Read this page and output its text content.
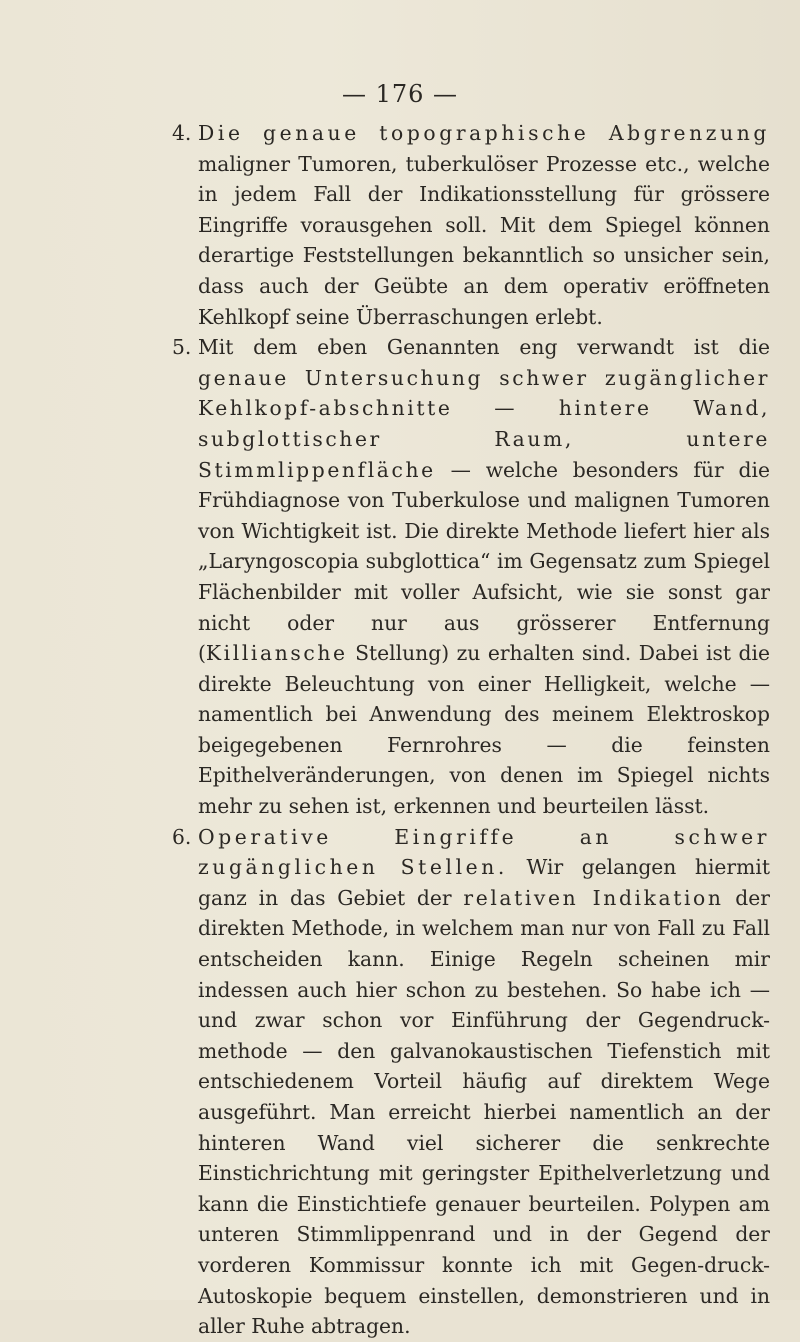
— 176 —
4. Die genaue topographische Abgrenzung maligner Tumoren, tuberkulöser Prozesse etc., welche in jedem Fall der Indikationsstellung für grössere Eingriffe vorausgehen soll. Mit dem Spiegel können derartige Feststellungen bekanntlich so unsicher sein, dass auch der Geübte an dem operativ eröffneten Kehlkopf seine Überraschungen erlebt.

5. Mit dem eben Genannten eng verwandt ist die genaue Untersuchung schwer zugänglicher Kehlkopf-abschnitte — hintere Wand, subglottischer Raum, untere Stimmlippenfläche — welche besonders für die Frühdiagnose von Tuberkulose und malignen Tumoren von Wichtigkeit ist. Die direkte Methode liefert hier als „Laryngoscopia subglottica“ im Gegensatz zum Spiegel Flächenbilder mit voller Aufsicht, wie sie sonst gar nicht oder nur aus grösserer Entfernung (Killiansche Stellung) zu erhalten sind. Dabei ist die direkte Beleuchtung von einer Helligkeit, welche — namentlich bei Anwendung des meinem Elektroskop beigegebenen Fernrohres — die feinsten Epithelveränderungen, von denen im Spiegel nichts mehr zu sehen ist, erkennen und beurteilen lässt.

6. Operative Eingriffe an schwer zugänglichen Stellen. Wir gelangen hiermit ganz in das Gebiet der relativen Indikation der direkten Methode, in welchem man nur von Fall zu Fall entscheiden kann. Einige Regeln scheinen mir indessen auch hier schon zu bestehen. So habe ich — und zwar schon vor Einführung der Gegendruck-methode — den galvanokaustischen Tiefenstich mit entschiedenem Vorteil häufig auf direktem Wege ausgeführt. Man erreicht hierbei namentlich an der hinteren Wand viel sicherer die senkrechte Einstichrichtung mit geringster Epithelverletzung und kann die Einstichtiefe genauer beurteilen. Polypen am unteren Stimmlippenrand und in der Gegend der vorderen Kommissur konnte ich mit Gegen-druck-Autoskopie bequem einstellen, demonstrieren und in aller Ruhe abtragen.
